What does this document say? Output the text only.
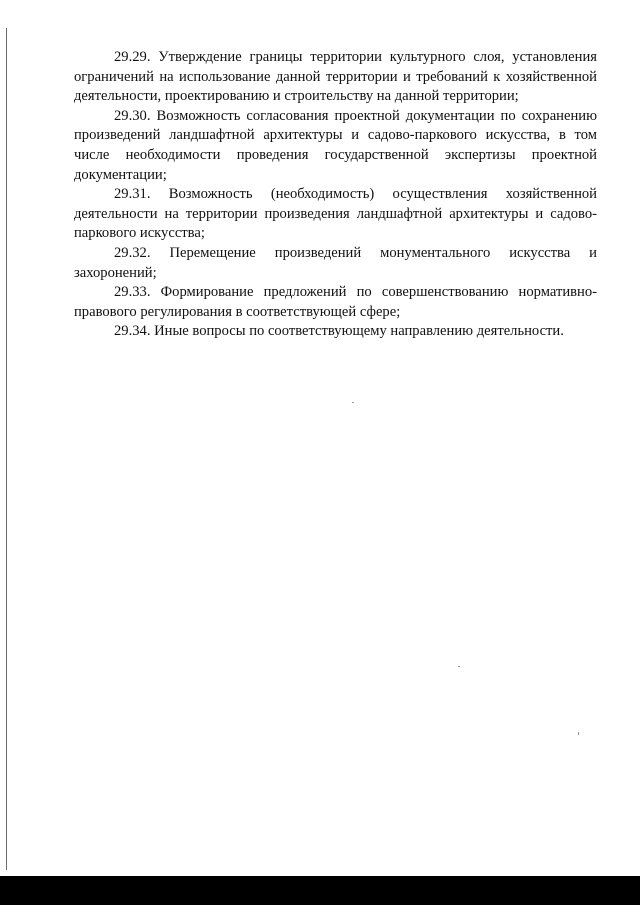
29.29. Утверждение границы территории культурного слоя, установления ограничений на использование данной территории и требований к хозяйственной деятельности, проектированию и строительству на данной территории;

29.30. Возможность согласования проектной документации по сохранению произведений ландшафтной архитектуры и садово-паркового искусства, в том числе необходимости проведения государственной экспертизы проектной документации;

29.31. Возможность (необходимость) осуществления хозяйственной деятельности на территории произведения ландшафтной архитектуры и садово-паркового искусства;

29.32. Перемещение произведений монументального искусства и захоронений;

29.33. Формирование предложений по совершенствованию нормативно-правового регулирования в соответствующей сфере;

29.34. Иные вопросы по соответствующему направлению деятельности.
